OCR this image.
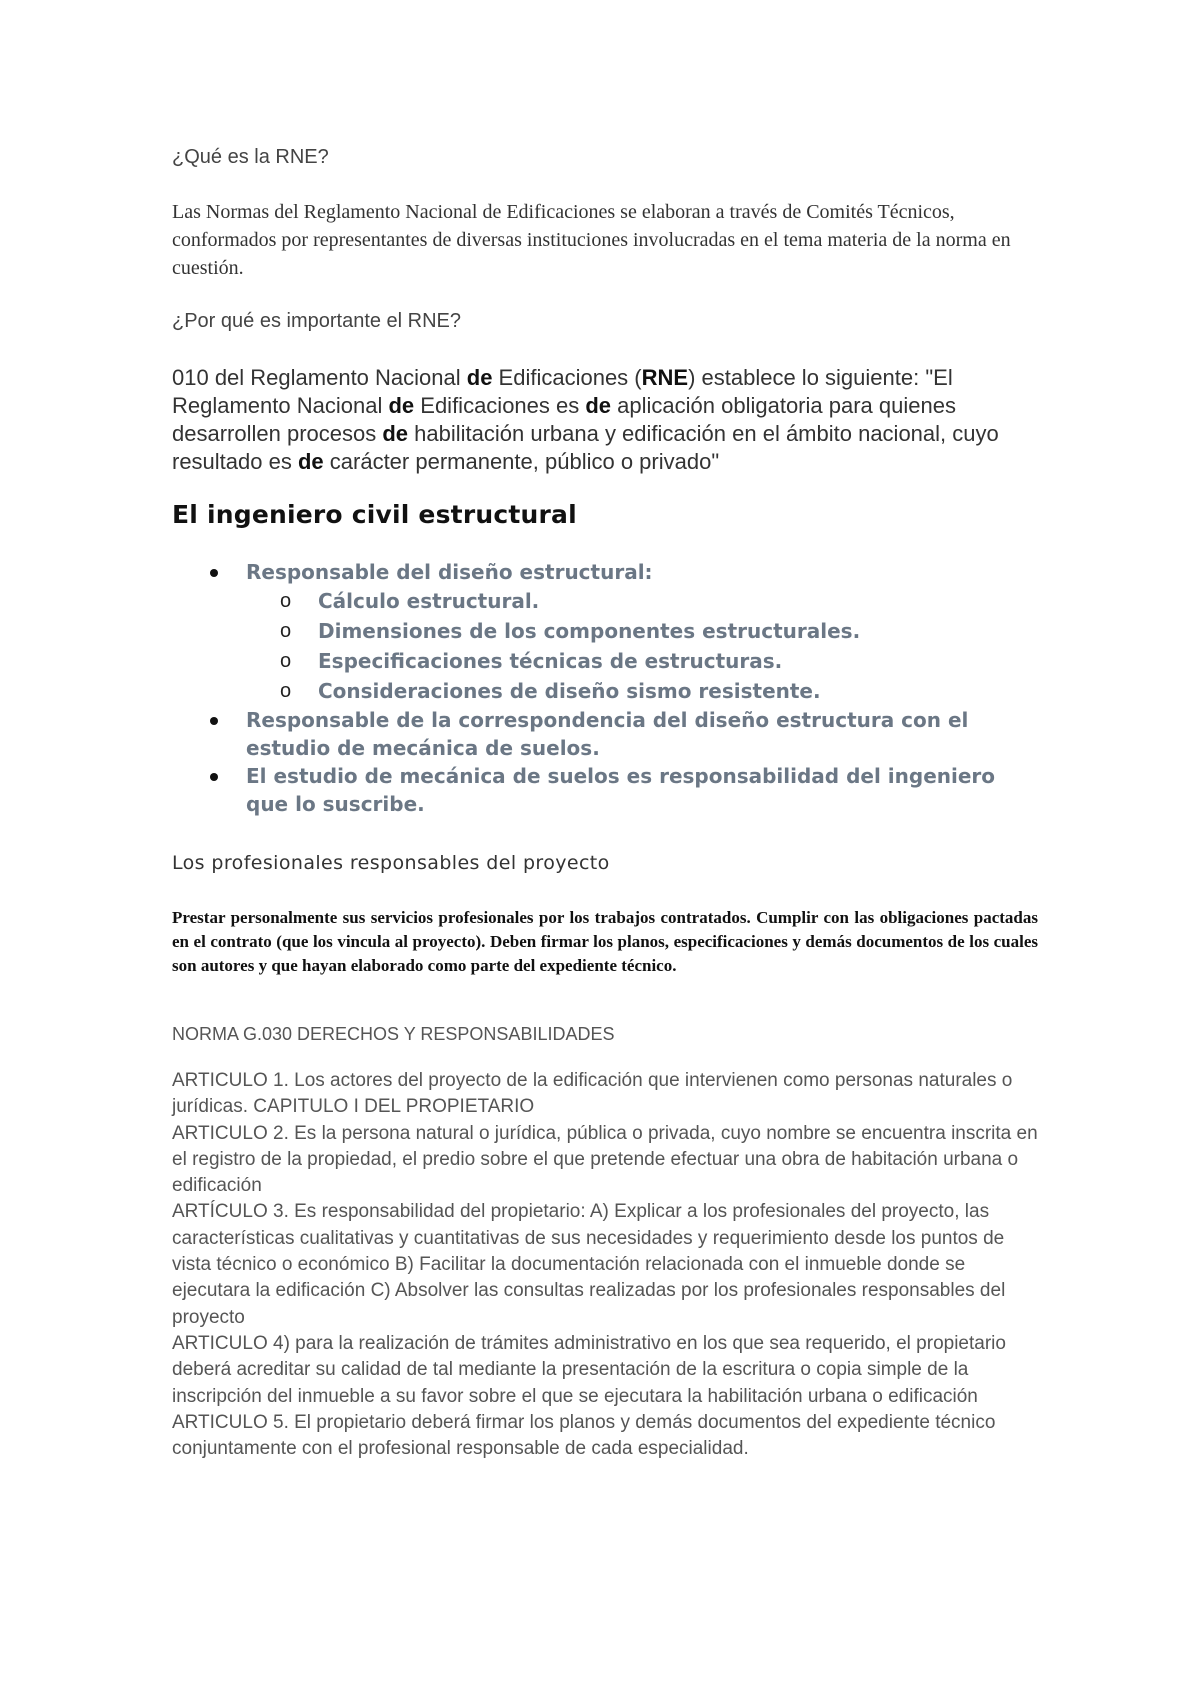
¿Qué es la RNE?

Las Normas del Reglamento Nacional de Edificaciones se elaboran a través de Comités Técnicos, conformados por representantes de diversas instituciones involucradas en el tema materia de la norma en cuestión.

¿Por qué es importante el RNE?

010 del Reglamento Nacional de Edificaciones (RNE) establece lo siguiente: "El Reglamento Nacional de Edificaciones es de aplicación obligatoria para quienes desarrollen procesos de habilitación urbana y edificación en el ámbito nacional, cuyo resultado es de carácter permanente, público o privado"

El ingeniero civil estructural
Responsable del diseño estructural:
o Cálculo estructural.
o Dimensiones de los componentes estructurales.
o Especificaciones técnicas de estructuras.
o Consideraciones de diseño sismo resistente.
Responsable de la correspondencia del diseño estructura con el estudio de mecánica de suelos.
El estudio de mecánica de suelos es responsabilidad del ingeniero que lo suscribe.

Los profesionales responsables del proyecto

Prestar personalmente sus servicios profesionales por los trabajos contratados. Cumplir con las obligaciones pactadas en el contrato (que los vincula al proyecto). Deben firmar los planos, especificaciones y demás documentos de los cuales son autores y que hayan elaborado como parte del expediente técnico.

NORMA G.030 DERECHOS Y RESPONSABILIDADES

ARTICULO 1. Los actores del proyecto de la edificación que intervienen como personas naturales o jurídicas. CAPITULO I DEL PROPIETARIO
ARTICULO 2. Es la persona natural o jurídica, pública o privada, cuyo nombre se encuentra inscrita en el registro de la propiedad, el predio sobre el que pretende efectuar una obra de habitación urbana o edificación
ARTÍCULO 3. Es responsabilidad del propietario: A) Explicar a los profesionales del proyecto, las características cualitativas y cuantitativas de sus necesidades y requerimiento desde los puntos de vista técnico o económico B) Facilitar la documentación relacionada con el inmueble donde se ejecutara la edificación C) Absolver las consultas realizadas por los profesionales responsables del proyecto
ARTICULO 4) para la realización de trámites administrativo en los que sea requerido, el propietario deberá acreditar su calidad de tal mediante la presentación de la escritura o copia simple de la inscripción del inmueble a su favor sobre el que se ejecutara la habilitación urbana o edificación
ARTICULO 5. El propietario deberá firmar los planos y demás documentos del expediente técnico conjuntamente con el profesional responsable de cada especialidad.
